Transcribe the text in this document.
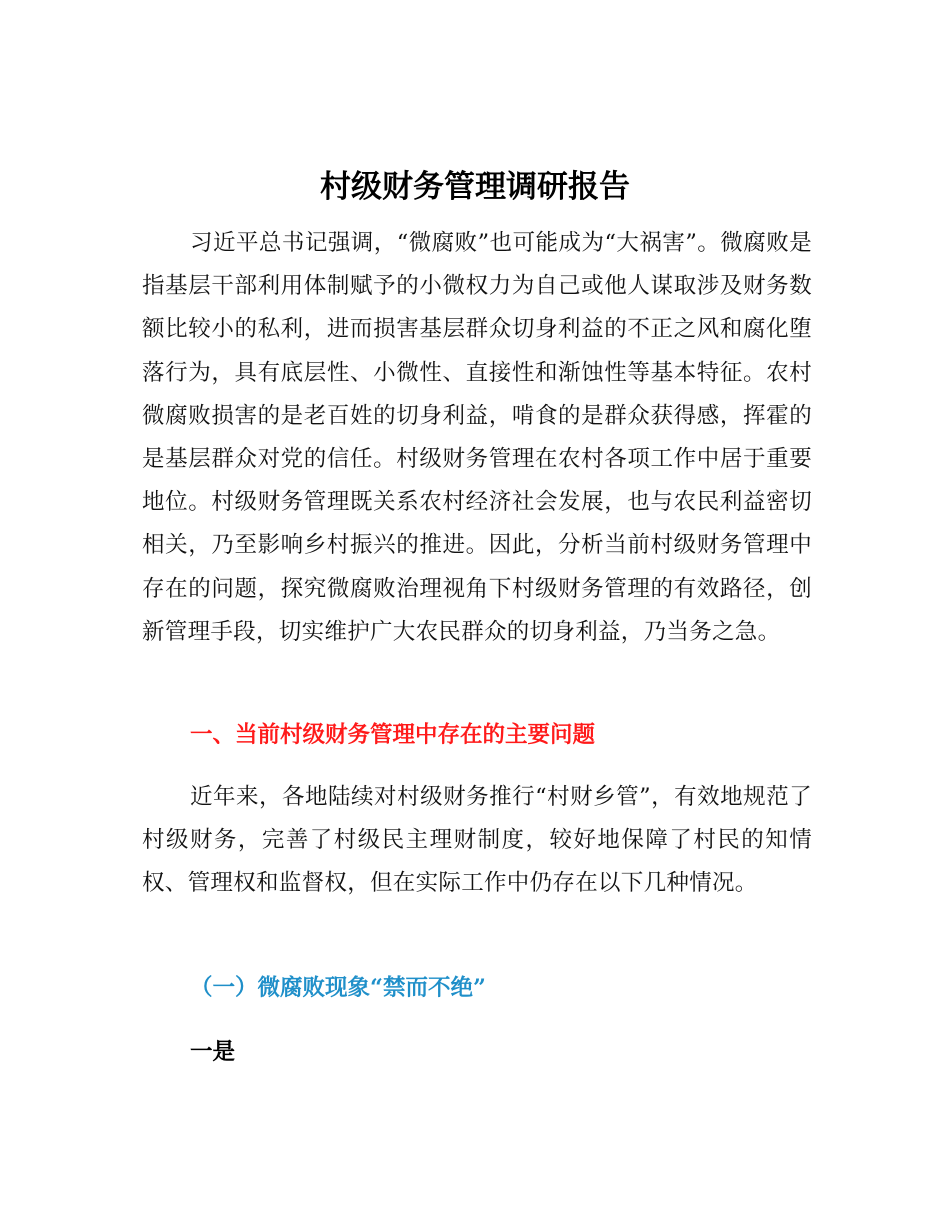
村级财务管理调研报告

习近平总书记强调，“微腐败”也可能成为“大祸害”。微腐败是指基层干部利用体制赋予的小微权力为自己或他人谋取涉及财务数额比较小的私利，进而损害基层群众切身利益的不正之风和腐化堕落行为，具有底层性、小微性、直接性和渐蚀性等基本特征。农村微腐败损害的是老百姓的切身利益，啃食的是群众获得感，挥霍的是基层群众对党的信任。村级财务管理在农村各项工作中居于重要地位。村级财务管理既关系农村经济社会发展，也与农民利益密切相关，乃至影响乡村振兴的推进。因此，分析当前村级财务管理中存在的问题，探究微腐败治理视角下村级财务管理的有效路径，创新管理手段，切实维护广大农民群众的切身利益，乃当务之急。

一、当前村级财务管理中存在的主要问题

近年来，各地陆续对村级财务推行“村财乡管”，有效地规范了村级财务，完善了村级民主理财制度，较好地保障了村民的知情权、管理权和监督权，但在实际工作中仍存在以下几种情况。

（一）微腐败现象“禁而不绝”

一是
